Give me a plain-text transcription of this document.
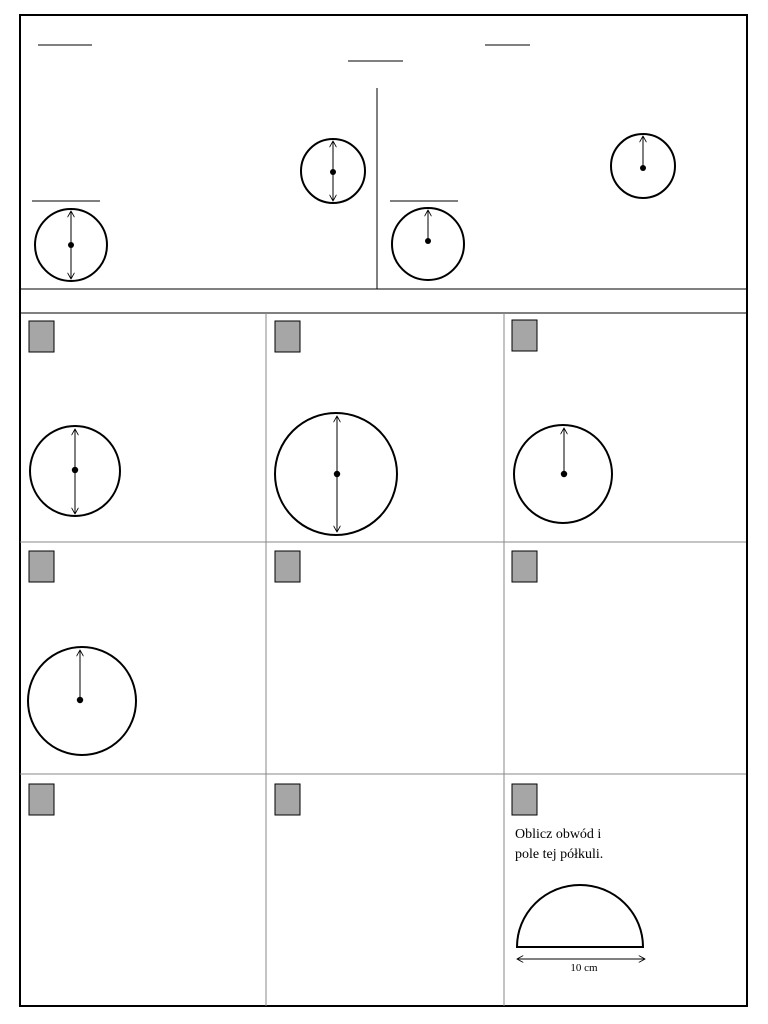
Oblicz obwód i
pole tej półkuli.
10 cm
